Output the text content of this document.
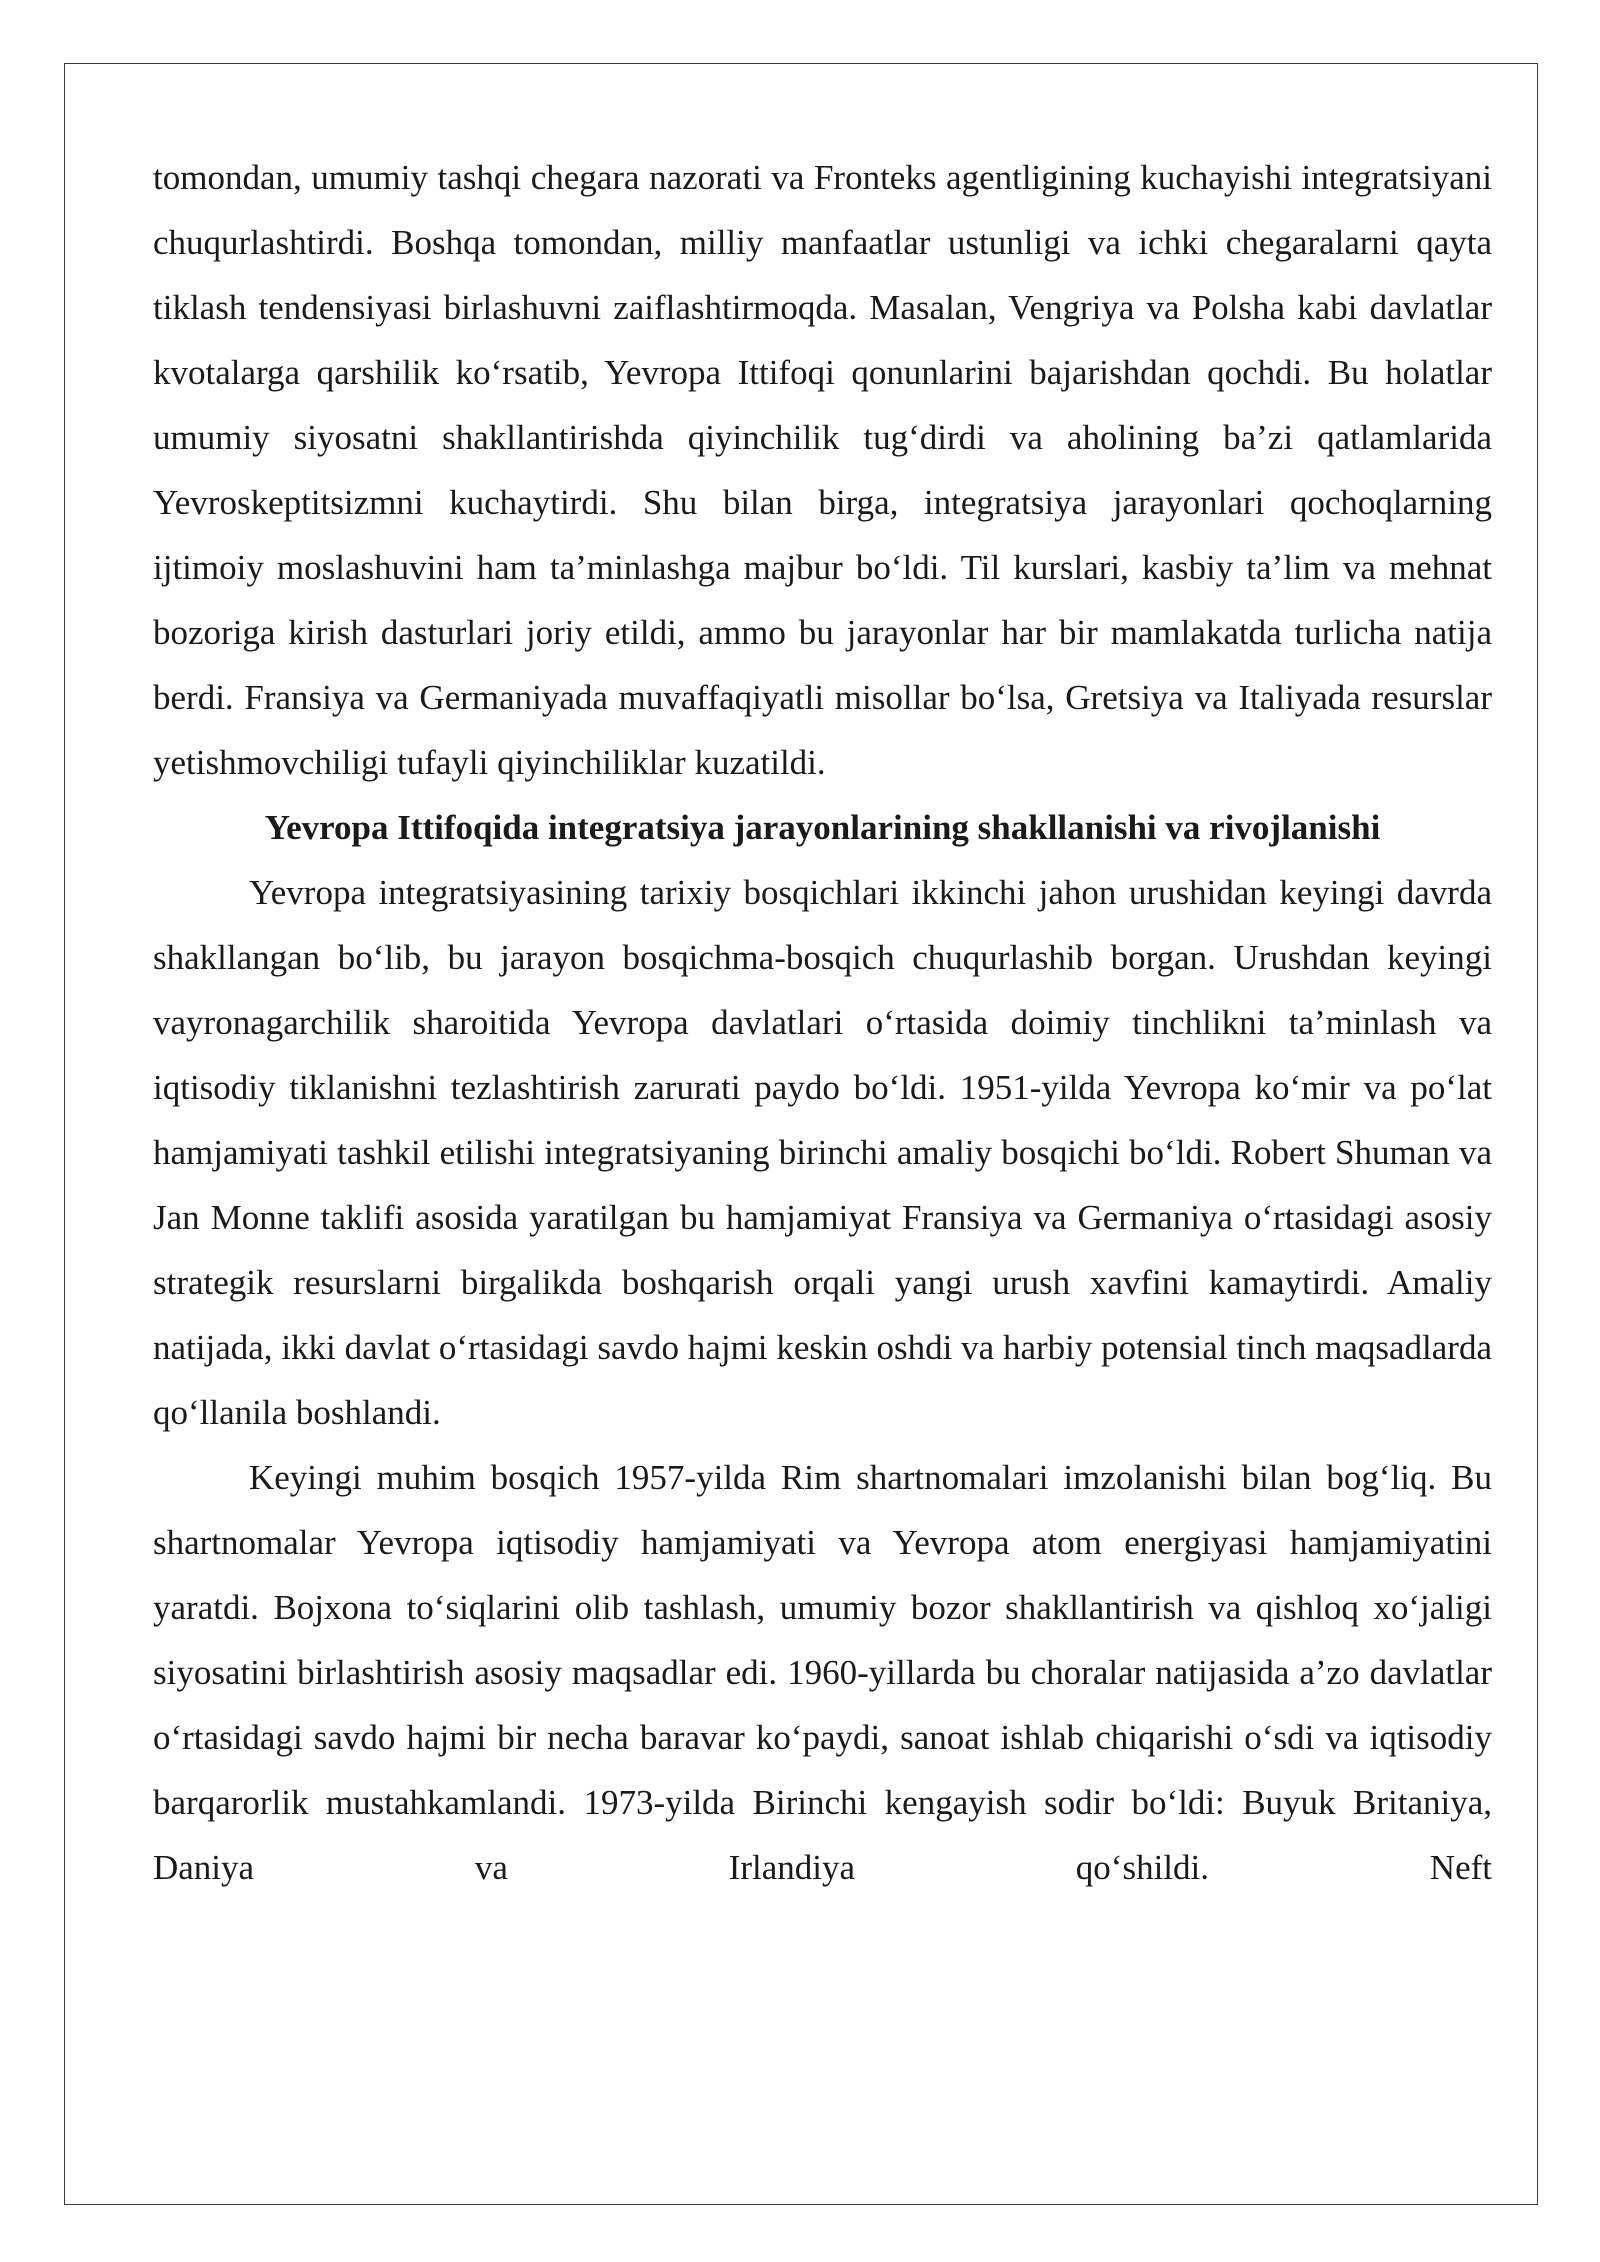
tomondan, umumiy tashqi chegara nazorati va Fronteks agentligining kuchayishi integratsiyani chuqurlashtirdi. Boshqa tomondan, milliy manfaatlar ustunligi va ichki chegaralarni qayta tiklash tendensiyasi birlashuvni zaiflashtirmoqda. Masalan, Vengriya va Polsha kabi davlatlar kvotalarga qarshilik ko‘rsatib, Yevropa Ittifoqi qonunlarini bajarishdan qochdi. Bu holatlar umumiy siyosatni shakllantirishda qiyinchilik tug‘dirdi va aholining ba’zi qatlamlarida Yevroskeptitsizmni kuchaytirdi. Shu bilan birga, integratsiya jarayonlari qochoqlarning ijtimoiy moslashuvini ham ta’minlashga majbur bo‘ldi. Til kurslari, kasbiy ta’lim va mehnat bozoriga kirish dasturlari joriy etildi, ammo bu jarayonlar har bir mamlakatda turlicha natija berdi. Fransiya va Germaniyada muvaffaqiyatli misollar bo‘lsa, Gretsiya va Italiyada resurslar yetishmovchiligi tufayli qiyinchiliklar kuzatildi.

Yevropa Ittifoqida integratsiya jarayonlarining shakllanishi va rivojlanishi

Yevropa integratsiyasining tarixiy bosqichlari ikkinchi jahon urushidan keyingi davrda shakllangan bo‘lib, bu jarayon bosqichma-bosqich chuqurlashib borgan. Urushdan keyingi vayronagarchilik sharoitida Yevropa davlatlari o‘rtasida doimiy tinchlikni ta’minlash va iqtisodiy tiklanishni tezlashtirish zarurati paydo bo‘ldi. 1951-yilda Yevropa ko‘mir va po‘lat hamjamiyati tashkil etilishi integratsiyaning birinchi amaliy bosqichi bo‘ldi. Robert Shuman va Jan Monne taklifi asosida yaratilgan bu hamjamiyat Fransiya va Germaniya o‘rtasidagi asosiy strategik resurslarni birgalikda boshqarish orqali yangi urush xavfini kamaytirdi. Amaliy natijada, ikki davlat o‘rtasidagi savdo hajmi keskin oshdi va harbiy potensial tinch maqsadlarda qo‘llanila boshlandi.

Keyingi muhim bosqich 1957-yilda Rim shartnomalari imzolanishi bilan bog‘liq. Bu shartnomalar Yevropa iqtisodiy hamjamiyati va Yevropa atom energiyasi hamjamiyatini yaratdi. Bojxona to‘siqlarini olib tashlash, umumiy bozor shakllantirish va qishloq xo‘jaligi siyosatini birlashtirish asosiy maqsadlar edi. 1960-yillarda bu choralar natijasida a’zo davlatlar o‘rtasidagi savdo hajmi bir necha baravar ko‘paydi, sanoat ishlab chiqarishi o‘sdi va iqtisodiy barqarorlik mustahkamlandi. 1973-yilda Birinchi kengayish sodir bo‘ldi: Buyuk Britaniya, Daniya va Irlandiya qo‘shildi. Neft
